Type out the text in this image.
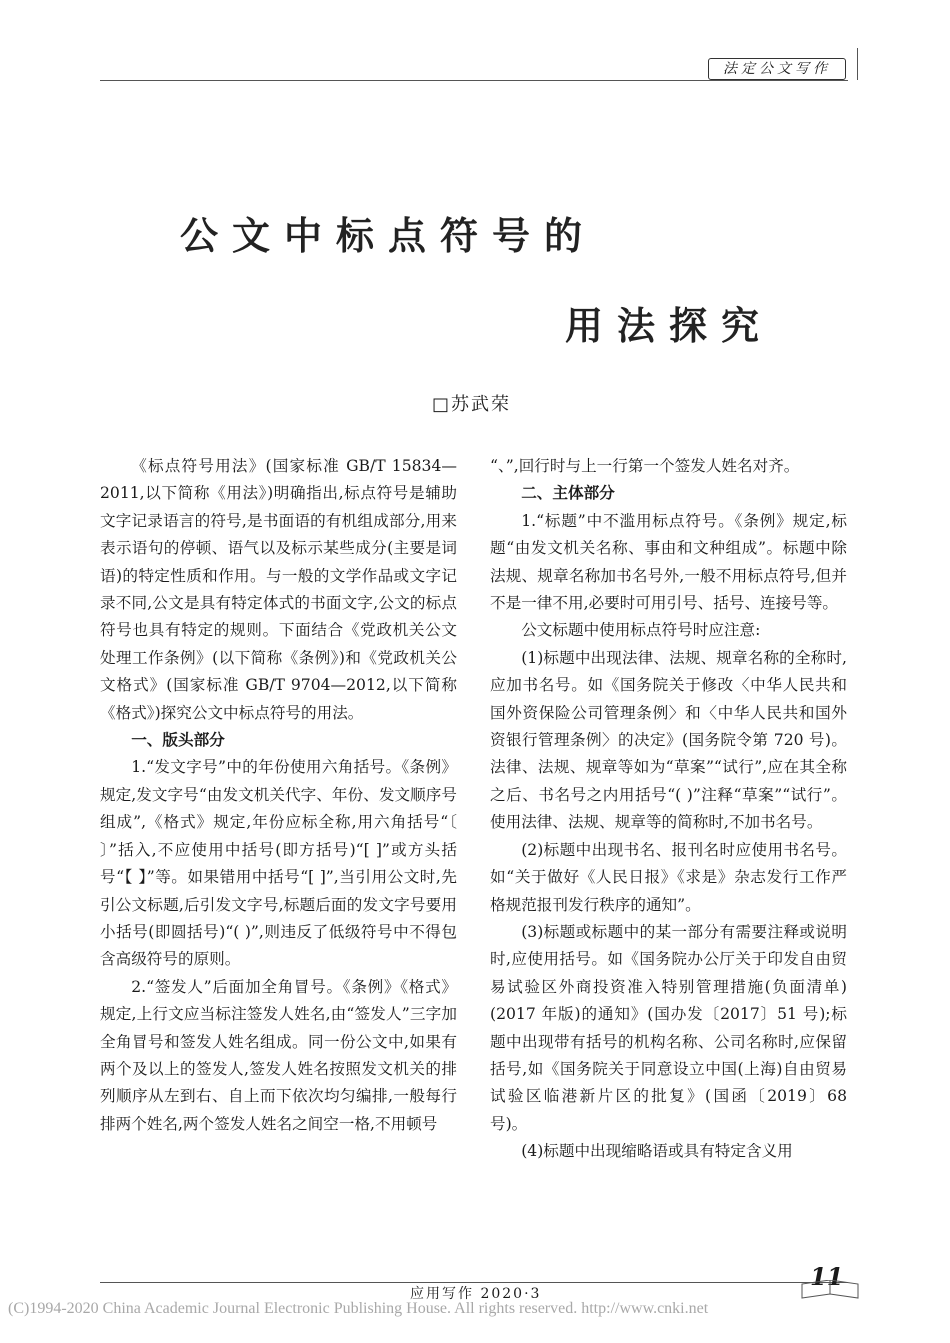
法定公文写作
公文中标点符号的
用法探究
□苏武荣

《标点符号用法》(国家标准 GB/T 15834—2011,以下简称《用法》)明确指出,标点符号是辅助文字记录语言的符号,是书面语的有机组成部分,用来表示语句的停顿、语气以及标示某些成分(主要是词语)的特定性质和作用。与一般的文学作品或文字记录不同,公文是具有特定体式的书面文字,公文的标点符号也具有特定的规则。下面结合《党政机关公文处理工作条例》(以下简称《条例》)和《党政机关公文格式》(国家标准 GB/T 9704—2012,以下简称《格式》)探究公文中标点符号的用法。

一、版头部分

1.“发文字号”中的年份使用六角括号。《条例》规定,发文字号“由发文机关代字、年份、发文顺序号组成”,《格式》规定,年份应标全称,用六角括号“〔 〕”括入,不应使用中括号(即方括号)“[ ]”或方头括号“【 】”等。如果错用中括号“[ ]”,当引用公文时,先引公文标题,后引发文字号,标题后面的发文字号要用小括号(即圆括号)“( )”,则违反了低级符号中不得包含高级符号的原则。

2.“签发人”后面加全角冒号。《条例》《格式》规定,上行文应当标注签发人姓名,由“签发人”三字加全角冒号和签发人姓名组成。同一份公文中,如果有两个及以上的签发人,签发人姓名按照发文机关的排列顺序从左到右、自上而下依次均匀编排,一般每行排两个姓名,两个签发人姓名之间空一格,不用顿号

“、”,回行时与上一行第一个签发人姓名对齐。

二、主体部分

1.“标题”中不滥用标点符号。《条例》规定,标题“由发文机关名称、事由和文种组成”。标题中除法规、规章名称加书名号外,一般不用标点符号,但并不是一律不用,必要时可用引号、括号、连接号等。

公文标题中使用标点符号时应注意:

(1)标题中出现法律、法规、规章名称的全称时,应加书名号。如《国务院关于修改〈中华人民共和国外资保险公司管理条例〉和〈中华人民共和国外资银行管理条例〉的决定》(国务院令第 720 号)。法律、法规、规章等如为“草案”“试行”,应在其全称之后、书名号之内用括号“( )”注释“草案”“试行”。使用法律、法规、规章等的简称时,不加书名号。

(2)标题中出现书名、报刊名时应使用书名号。如“关于做好《人民日报》《求是》杂志发行工作严格规范报刊发行秩序的通知”。

(3)标题或标题中的某一部分有需要注释或说明时,应使用括号。如《国务院办公厅关于印发自由贸易试验区外商投资准入特别管理措施(负面清单)(2017 年版)的通知》(国办发〔2017〕51 号);标题中出现带有括号的机构名称、公司名称时,应保留括号,如《国务院关于同意设立中国(上海)自由贸易试验区临港新片区的批复》(国函〔2019〕68 号)。

(4)标题中出现缩略语或具有特定含义用

应用写作 2020·3
11
(C)1994-2020 China Academic Journal Electronic Publishing House. All rights reserved. http://www.cnki.net
